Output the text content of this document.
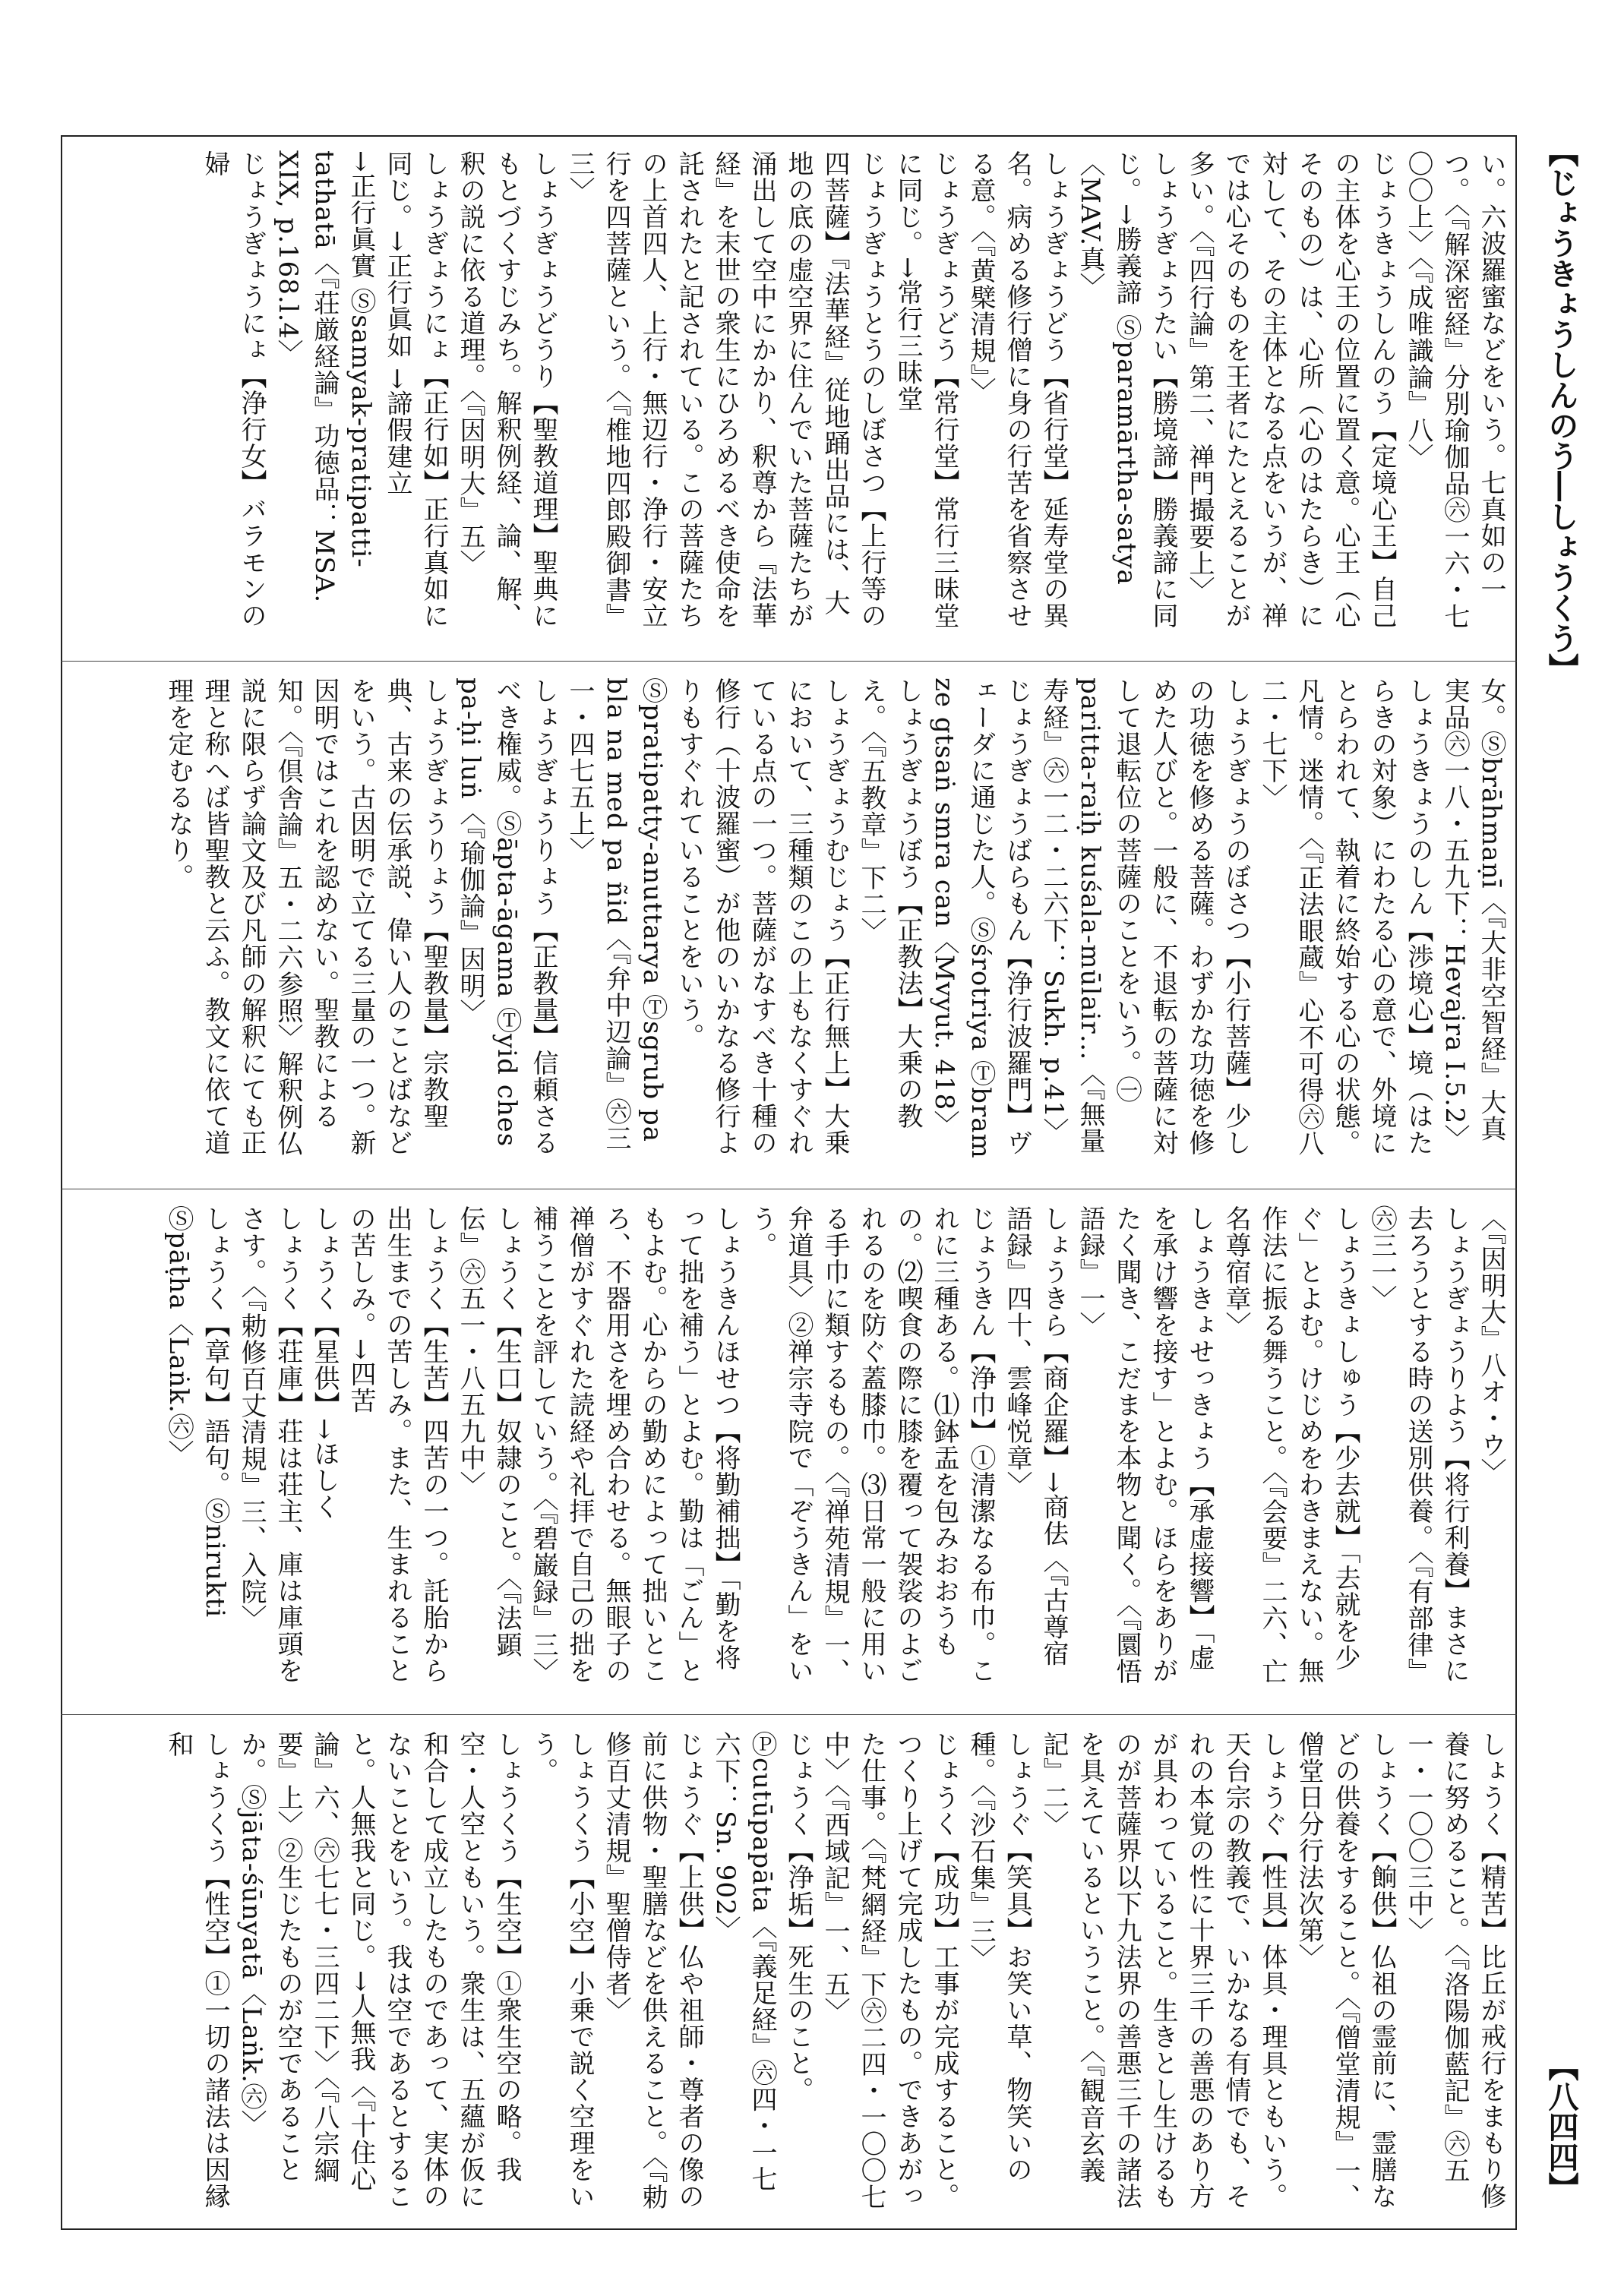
【じょうきょうしんのう―しょうくう】
【八四四】

い。六波羅蜜などをいう。七真如の一つ。〈『解深密経』分別瑜伽品㊅一六・七〇〇上〉〈『成唯識論』八〉

じょうきょうしんのう【定境心王】自己の主体を心王の位置に置く意。心王（心そのもの）は、心所（心のはたらき）に対して、その主体となる点をいうが、禅では心そのものを王者にたとえることが多い。〈『四行論』第二、禅門撮要上〉

しょうぎょうたい【勝境諦】勝義諦に同じ。→勝義諦 Ⓢparamārtha-satya〈MAV.真〉

しょうぎょうどう【省行堂】延寿堂の異名。病める修行僧に身の行苦を省察させる意。〈『黄檗清規』〉

じょうぎょうどう【常行堂】常行三昧堂に同じ。→常行三昧堂

じょうぎょうとうのしぼさつ【上行等の四菩薩】『法華経』従地踊出品には、大地の底の虚空界に住んでいた菩薩たちが涌出して空中にかかり、釈尊から『法華経』を末世の衆生にひろめるべき使命を託されたと記されている。この菩薩たちの上首四人、上行・無辺行・浄行・安立行を四菩薩という。〈『椎地四郎殿御書』三〉

しょうぎょうどうり【聖教道理】聖典にもとづくすじみち。解釈例経、論、解、釈の説に依る道理。〈『因明大』五〉

しょうぎょうにょ【正行如】正行真如に同じ。→正行眞如 →諦假建立

→正行眞實 Ⓢsamyak-pratipatti-tathatā〈『荘厳経論』功徳品：MSA. XIX, p.168.l.4〉

じょうぎょうにょ【浄行女】バラモンの婦

女。Ⓢbrāhmaṇī〈『大非空智経』大真実品㊅一八・五九下：Hevajra I.5.2〉

しょうきょうのしん【渉境心】境（はたらきの対象）にわたる心の意で、外境にとらわれて、執着に終始する心の状態。凡情。迷情。〈『正法眼蔵』心不可得㊅八二・七下〉

しょうぎょうのぼさつ【小行菩薩】少しの功徳を修める菩薩。わずかな功徳を修めた人びと。一般に、不退転の菩薩に対して退転位の菩薩のことをいう。㊀paritta-raiḥ kuśala-mūlair…〈『無量寿経』㊅一二・二六下：Sukh. p.41〉

じょうぎょうばらもん【浄行波羅門】ヴェーダに通じた人。Ⓢśrotriya Ⓣbram ze gtsaṅ smra can〈Mvyut. 418〉

しょうぎょうぼう【正教法】大乗の教え。〈『五教章』下二〉

しょうぎょうむじょう【正行無上】大乗において、三種類のこの上もなくすぐれている点の一つ。菩薩がなすべき十種の修行（十波羅蜜）が他のいかなる修行よりもすぐれていることをいう。Ⓢpratipatty-anuttarya Ⓣsgrub pa bla na med pa ñid〈『弁中辺論』㊅三一・四七五上〉

しょうぎょうりょう【正教量】信頼さるべき権威。Ⓢāpta-āgama Ⓣyid ches pa-ḥi luṅ〈『瑜伽論』因明〉

しょうぎょうりょう【聖教量】宗教聖典、古来の伝承説、偉い人のことばなどをいう。古因明で立てる三量の一つ。新因明ではこれを認めない。聖教による知。〈『倶舎論』五・二六参照〉解釈例仏説に限らず論文及び凡師の解釈にても正理と称へば皆聖教と云ふ。教文に依て道理を定むるなり。

〈『因明大』八オ・ウ〉

しょうぎょうりよう【将行利養】まさに去ろうとする時の送別供養。〈『有部律』㊅三一〉

しょうきょしゅう【少去就】「去就を少ぐ」とよむ。けじめをわきまえない。無作法に振る舞うこと。〈『会要』二六、亡名尊宿章〉

しょうきょせっきょう【承虚接響】「虚を承け響を接す」とよむ。ほらをありがたく聞き、こだまを本物と聞く。〈『圜悟語録』一〉

しょうきら【商企羅】→商佉〈『古尊宿語録』四十、雲峰悦章〉

じょうきん【浄巾】①清潔なる布巾。これに三種ある。⑴鉢盂を包みおおうもの。⑵喫食の際に膝を覆って袈裟のよごれるのを防ぐ蓋膝巾。⑶日常一般に用いる手巾に類するもの。〈『禅苑清規』一、弁道具〉②禅宗寺院で「ぞうきん」をいう。

しょうきんほせつ【将勤補拙】「勤を将って拙を補う」とよむ。勤は「ごん」ともよむ。心からの勤めによって拙いところ、不器用さを埋め合わせる。無眼子の禅僧がすぐれた読経や礼拝で自己の拙を補うことを評していう。〈『碧巌録』三〉

しょうく【生口】奴隷のこと。〈『法顕伝』㊅五一・八五九中〉

しょうく【生苦】四苦の一つ。託胎から出生までの苦しみ。また、生まれることの苦しみ。→四苦

しょうく【星供】→ほしく

しょうく【荘庫】荘は荘主、庫は庫頭をさす。〈『勅修百丈清規』三、入院〉

しょうく【章句】語句。Ⓢnirukti Ⓢpāṭha〈Laṅk.㊅〉

しょうく【精苦】比丘が戒行をまもり修養に努めること。〈『洛陽伽藍記』㊅五一・一〇〇三中〉

しょうく【餉供】仏祖の霊前に、霊膳などの供養をすること。〈『僧堂清規』一、僧堂日分行法次第〉

しょうぐ【性具】体具・理具ともいう。天台宗の教義で、いかなる有情でも、それの本覚の性に十界三千の善悪のあり方が具わっていること。生きとし生けるものが菩薩界以下九法界の善悪三千の諸法を具えているということ。〈『観音玄義記』二〉

しょうぐ【笑具】お笑い草、物笑いの種。〈『沙石集』三〉

じょうく【成功】工事が完成すること。つくり上げて完成したもの。できあがった仕事。〈『梵網経』下㊅二四・一〇〇七中〉〈『西域記』一、五〉

じょうく【浄垢】死生のこと。Ⓟcutūpapāta〈『義足経』㊅四・一七六下：Sn. 902〉

じょうぐ【上供】仏や祖師・尊者の像の前に供物・聖膳などを供えること。〈『勅修百丈清規』聖僧侍者〉

しょうくう【小空】小乗で説く空理をいう。

しょうくう【生空】①衆生空の略。我空・人空ともいう。衆生は、五蘊が仮に和合して成立したものであって、実体のないことをいう。我は空であるとすること。人無我と同じ。→人無我〈『十住心論』六、㊅七七・三四二下〉〈『八宗綱要』上〉②生じたものが空であることか。Ⓢjāta-śūnyatā〈Laṅk.㊅〉

しょうくう【性空】①一切の諸法は因縁和
